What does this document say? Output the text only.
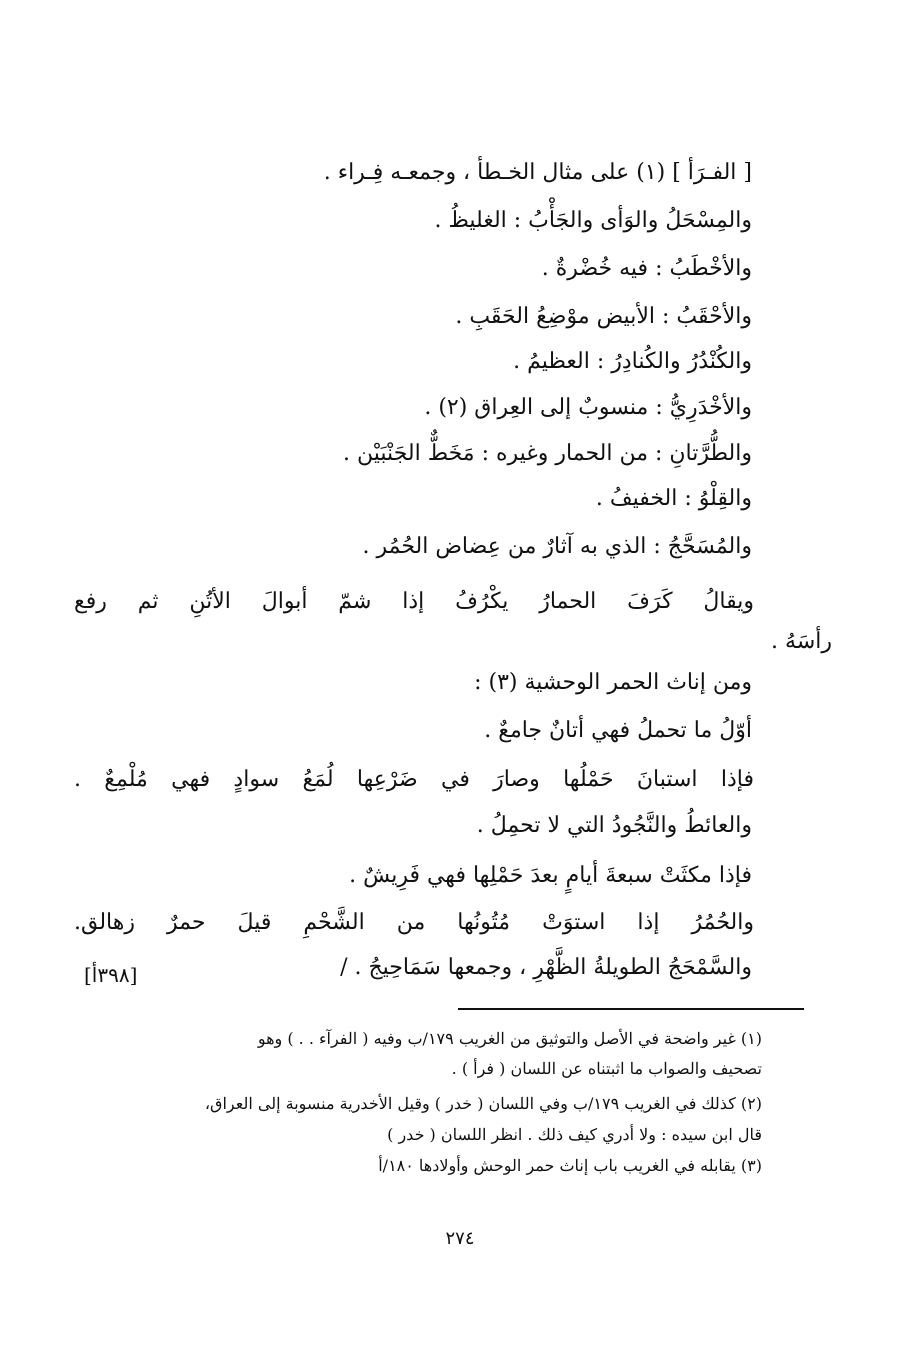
[ الفـرَأ ] (١) على مثال الخـطأ ، وجمعـه فِـراء .
والمِسْحَلُ والوَأى والجَأْبُ : الغليظُ .
والأخْطَبُ : فيه خُضْرةٌ .
والأحْقَبُ : الأبيض موْضِعُ الحَقَبِ .
والكُنْدُرُ والكُنادِرُ : العظيمُ .
والأخْدَرِيُّ : منسوبٌ إلى العِراق (٢) .
والطُّرَّتانِ : من الحمار وغيره : مَخَطٌّ الجَنْبَيْن .
والقِلْوُ : الخفيفُ .
والمُسَحَّجُ : الذي به آثارٌ من عِضاض الحُمُر .
ويقالُ كَرَفَ الحمارُ يكْرُفُ إذا شمّ أبوالَ الأتُنِ ثم رفع
رأسَهُ .
ومن إناث الحمر الوحشية (٣) :
أوّلُ ما تحملُ فهي أتانٌ جامعٌ .
فإذا استبانَ حَمْلُها وصارَ في ضَرْعِها لُمَعُ سوادٍ فهي مُلْمِعٌ .
والعائطُ والنَّجُودُ التي لا تحمِلُ .
فإذا مكثَتْ سبعةَ أيامٍ بعدَ حَمْلِها فهي فَرِيشٌ .
والحُمُرُ إذا استوَتْ مُتُونُها من الشَّحْمِ قيلَ حمرٌ زهالق.
والسَّمْحَجُ الطويلةُ الظَّهْرِ ، وجمعها سَمَاحِيجُ . /
[٣٩٨أ]
(١) غير واضحة في الأصل والتوثيق من الغريب ١٧٩/ب وفيه ( الفرآء . . ) وهو
تصحيف والصواب ما اثبتناه عن اللسان ( فرأ ) .
(٢) كذلك في الغريب ١٧٩/ب وفي اللسان ( خدر ) وقيل الأخدرية منسوبة إلى العراق،
قال ابن سيده : ولا أدري كيف ذلك . انظر اللسان ( خدر )
(٣) يقابله في الغريب باب إناث حمر الوحش وأولادها ١٨٠/أ
٢٧٤
